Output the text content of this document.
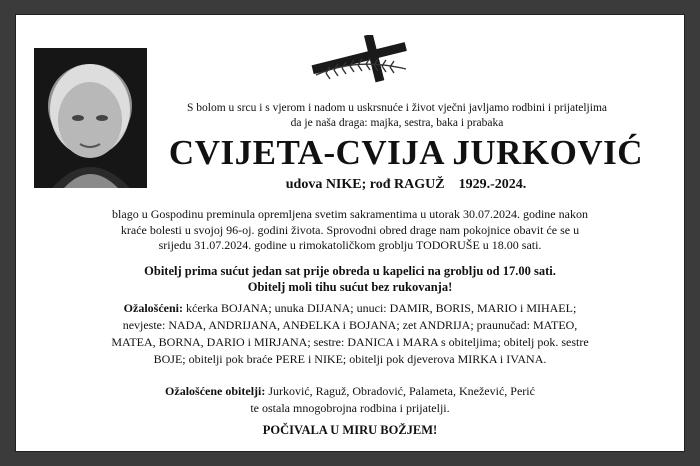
S bolom u srcu i s vjerom i nadom u uskrsnuće i život vječni javljamo rodbini i prijateljima
da je naša draga: majka, sestra, baka i prabaka
CVIJETA-CVIJA JURKOVIĆ
udova NIKE; rođ RAGUŽ 1929.-2024.
blago u Gospodinu preminula opremljena svetim sakramentima u utorak 30.07.2024. godine nakon
kraće bolesti u svojoj 96-oj. godini života. Sprovodni obred drage nam pokojnice obavit će se u
srijedu 31.07.2024. godine u rimokatoličkom groblju TODORUŠE u 18.00 sati.
Obitelj prima sućut jedan sat prije obreda u kapelici na groblju od 17.00 sati.
Obitelj moli tihu sućut bez rukovanja!
Ožalošćeni: kćerka BOJANA; unuka DIJANA; unuci: DAMIR, BORIS, MARIO i MIHAEL;
nevjeste: NADA, ANDRIJANA, ANĐELKA i BOJANA; zet ANDRIJA; praunučad: MATEO,
MATEA, BORNA, DARIO i MIRJANA; sestre: DANICA i MARA s obiteljima; obitelj pok. sestre
BOJE; obitelji pok braće PERE i NIKE; obitelji pok djeverova MIRKA i IVANA.
Ožalošćene obitelji: Jurković, Raguž, Obradović, Palameta, Knežević, Perić
te ostala mnogobrojna rodbina i prijatelji.
POČIVALA U MIRU BOŽJEM!
